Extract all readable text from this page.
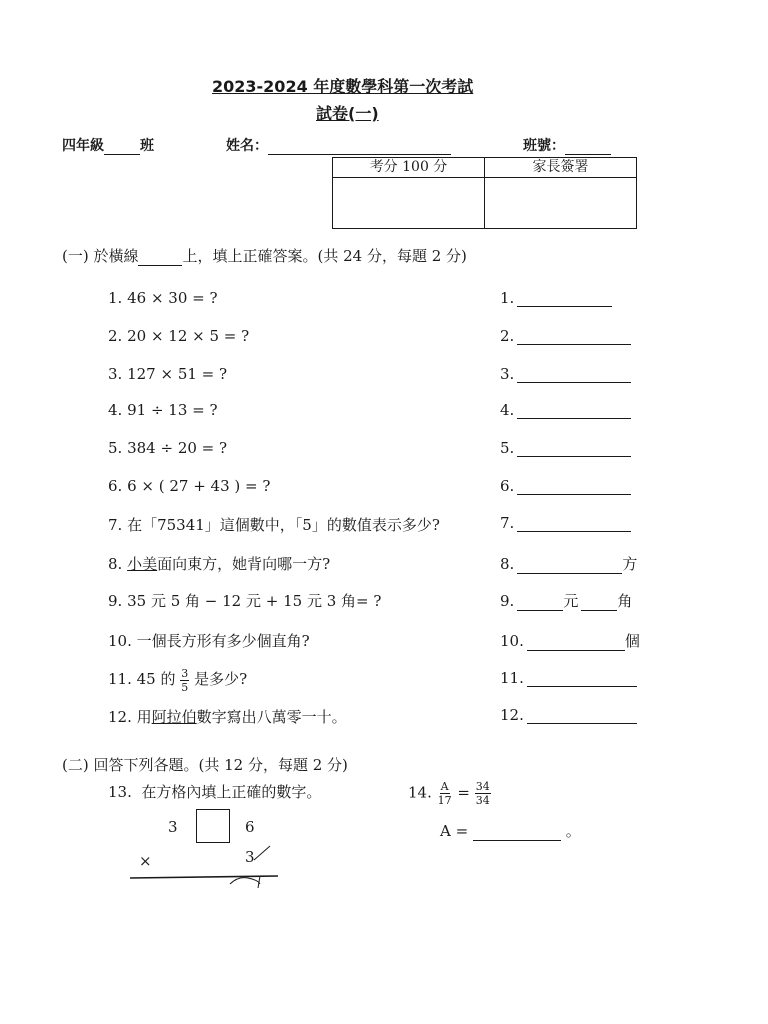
2023-2024 年度數學科第一次考試
試卷(一)
四年級	班	姓名：	班號：
考分 100 分	家長簽署

(一) 於橫線	上，填上正確答案。(共 24 分，每題 2 分)
1. 46 × 30 = ?	1.
2. 20 × 12 × 5 = ?	2.
3. 127 × 51 = ?	3.
4. 91 ÷ 13 = ?	4.
5. 384 ÷ 20 = ?	5.
6. 6 × ( 27 + 43 ) = ?	6.
7. 在「75341」這個數中，「5」的數值表示多少?	7.
8. 小美面向東方，她背向哪一方?	8.	方
9. 35 元 5 角 − 12 元 + 15 元 3 角= ?	9.	元	角
10. 一個長方形有多少個直角?	10.	個
11. 45 的 $\frac{3}{5}$ 是多少?	11.
12. 用阿拉伯數字寫出八萬零一十。	12.
(二) 回答下列各題。(共 12 分，每題 2 分)
13. 在方格內填上正確的數字。
3	6
×	3
14. $\frac{A}{17} = \frac{34}{34}$
A =	。
